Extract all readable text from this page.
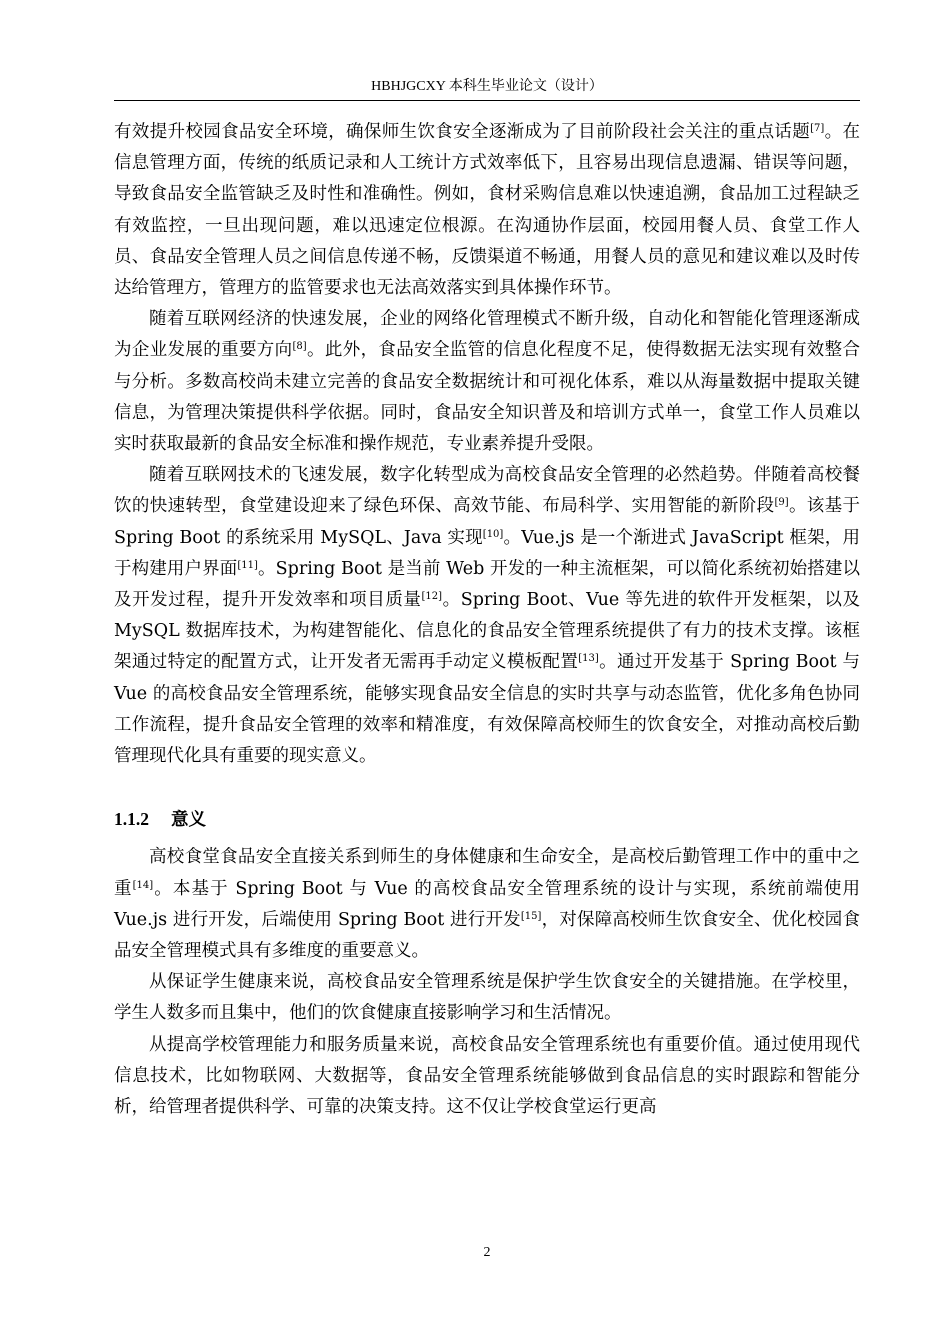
HBHJGCXY 本科生毕业论文（设计）

有效提升校园食品安全环境，确保师生饮食安全逐渐成为了目前阶段社会关注的重点话题[7]。在信息管理方面，传统的纸质记录和人工统计方式效率低下，且容易出现信息遗漏、错误等问题，导致食品安全监管缺乏及时性和准确性。例如，食材采购信息难以快速追溯，食品加工过程缺乏有效监控，一旦出现问题，难以迅速定位根源。在沟通协作层面，校园用餐人员、食堂工作人员、食品安全管理人员之间信息传递不畅，反馈渠道不畅通，用餐人员的意见和建议难以及时传达给管理方，管理方的监管要求也无法高效落实到具体操作环节。

随着互联网经济的快速发展，企业的网络化管理模式不断升级，自动化和智能化管理逐渐成为企业发展的重要方向[8]。此外，食品安全监管的信息化程度不足，使得数据无法实现有效整合与分析。多数高校尚未建立完善的食品安全数据统计和可视化体系，难以从海量数据中提取关键信息，为管理决策提供科学依据。同时，食品安全知识普及和培训方式单一，食堂工作人员难以实时获取最新的食品安全标准和操作规范，专业素养提升受限。

随着互联网技术的飞速发展，数字化转型成为高校食品安全管理的必然趋势。伴随着高校餐饮的快速转型，食堂建设迎来了绿色环保、高效节能、布局科学、实用智能的新阶段[9]。该基于 Spring Boot 的系统采用 MySQL、Java 实现[10]。Vue.js 是一个渐进式 JavaScript 框架，用于构建用户界面[11]。Spring Boot 是当前 Web 开发的一种主流框架，可以简化系统初始搭建以及开发过程，提升开发效率和项目质量[12]。Spring Boot、Vue 等先进的软件开发框架，以及 MySQL 数据库技术，为构建智能化、信息化的食品安全管理系统提供了有力的技术支撑。该框架通过特定的配置方式，让开发者无需再手动定义模板配置[13]。通过开发基于 Spring Boot 与 Vue 的高校食品安全管理系统，能够实现食品安全信息的实时共享与动态监管，优化多角色协同工作流程，提升食品安全管理的效率和精准度，有效保障高校师生的饮食安全，对推动高校后勤管理现代化具有重要的现实意义。

1.1.2 意义

高校食堂食品安全直接关系到师生的身体健康和生命安全，是高校后勤管理工作中的重中之重[14]。本基于 Spring Boot 与 Vue 的高校食品安全管理系统的设计与实现，系统前端使用 Vue.js 进行开发，后端使用 Spring Boot 进行开发[15]，对保障高校师生饮食安全、优化校园食品安全管理模式具有多维度的重要意义。

从保证学生健康来说，高校食品安全管理系统是保护学生饮食安全的关键措施。在学校里，学生人数多而且集中，他们的饮食健康直接影响学习和生活情况。

从提高学校管理能力和服务质量来说，高校食品安全管理系统也有重要价值。通过使用现代信息技术，比如物联网、大数据等，食品安全管理系统能够做到食品信息的实时跟踪和智能分析，给管理者提供科学、可靠的决策支持。这不仅让学校食堂运行更高

2
